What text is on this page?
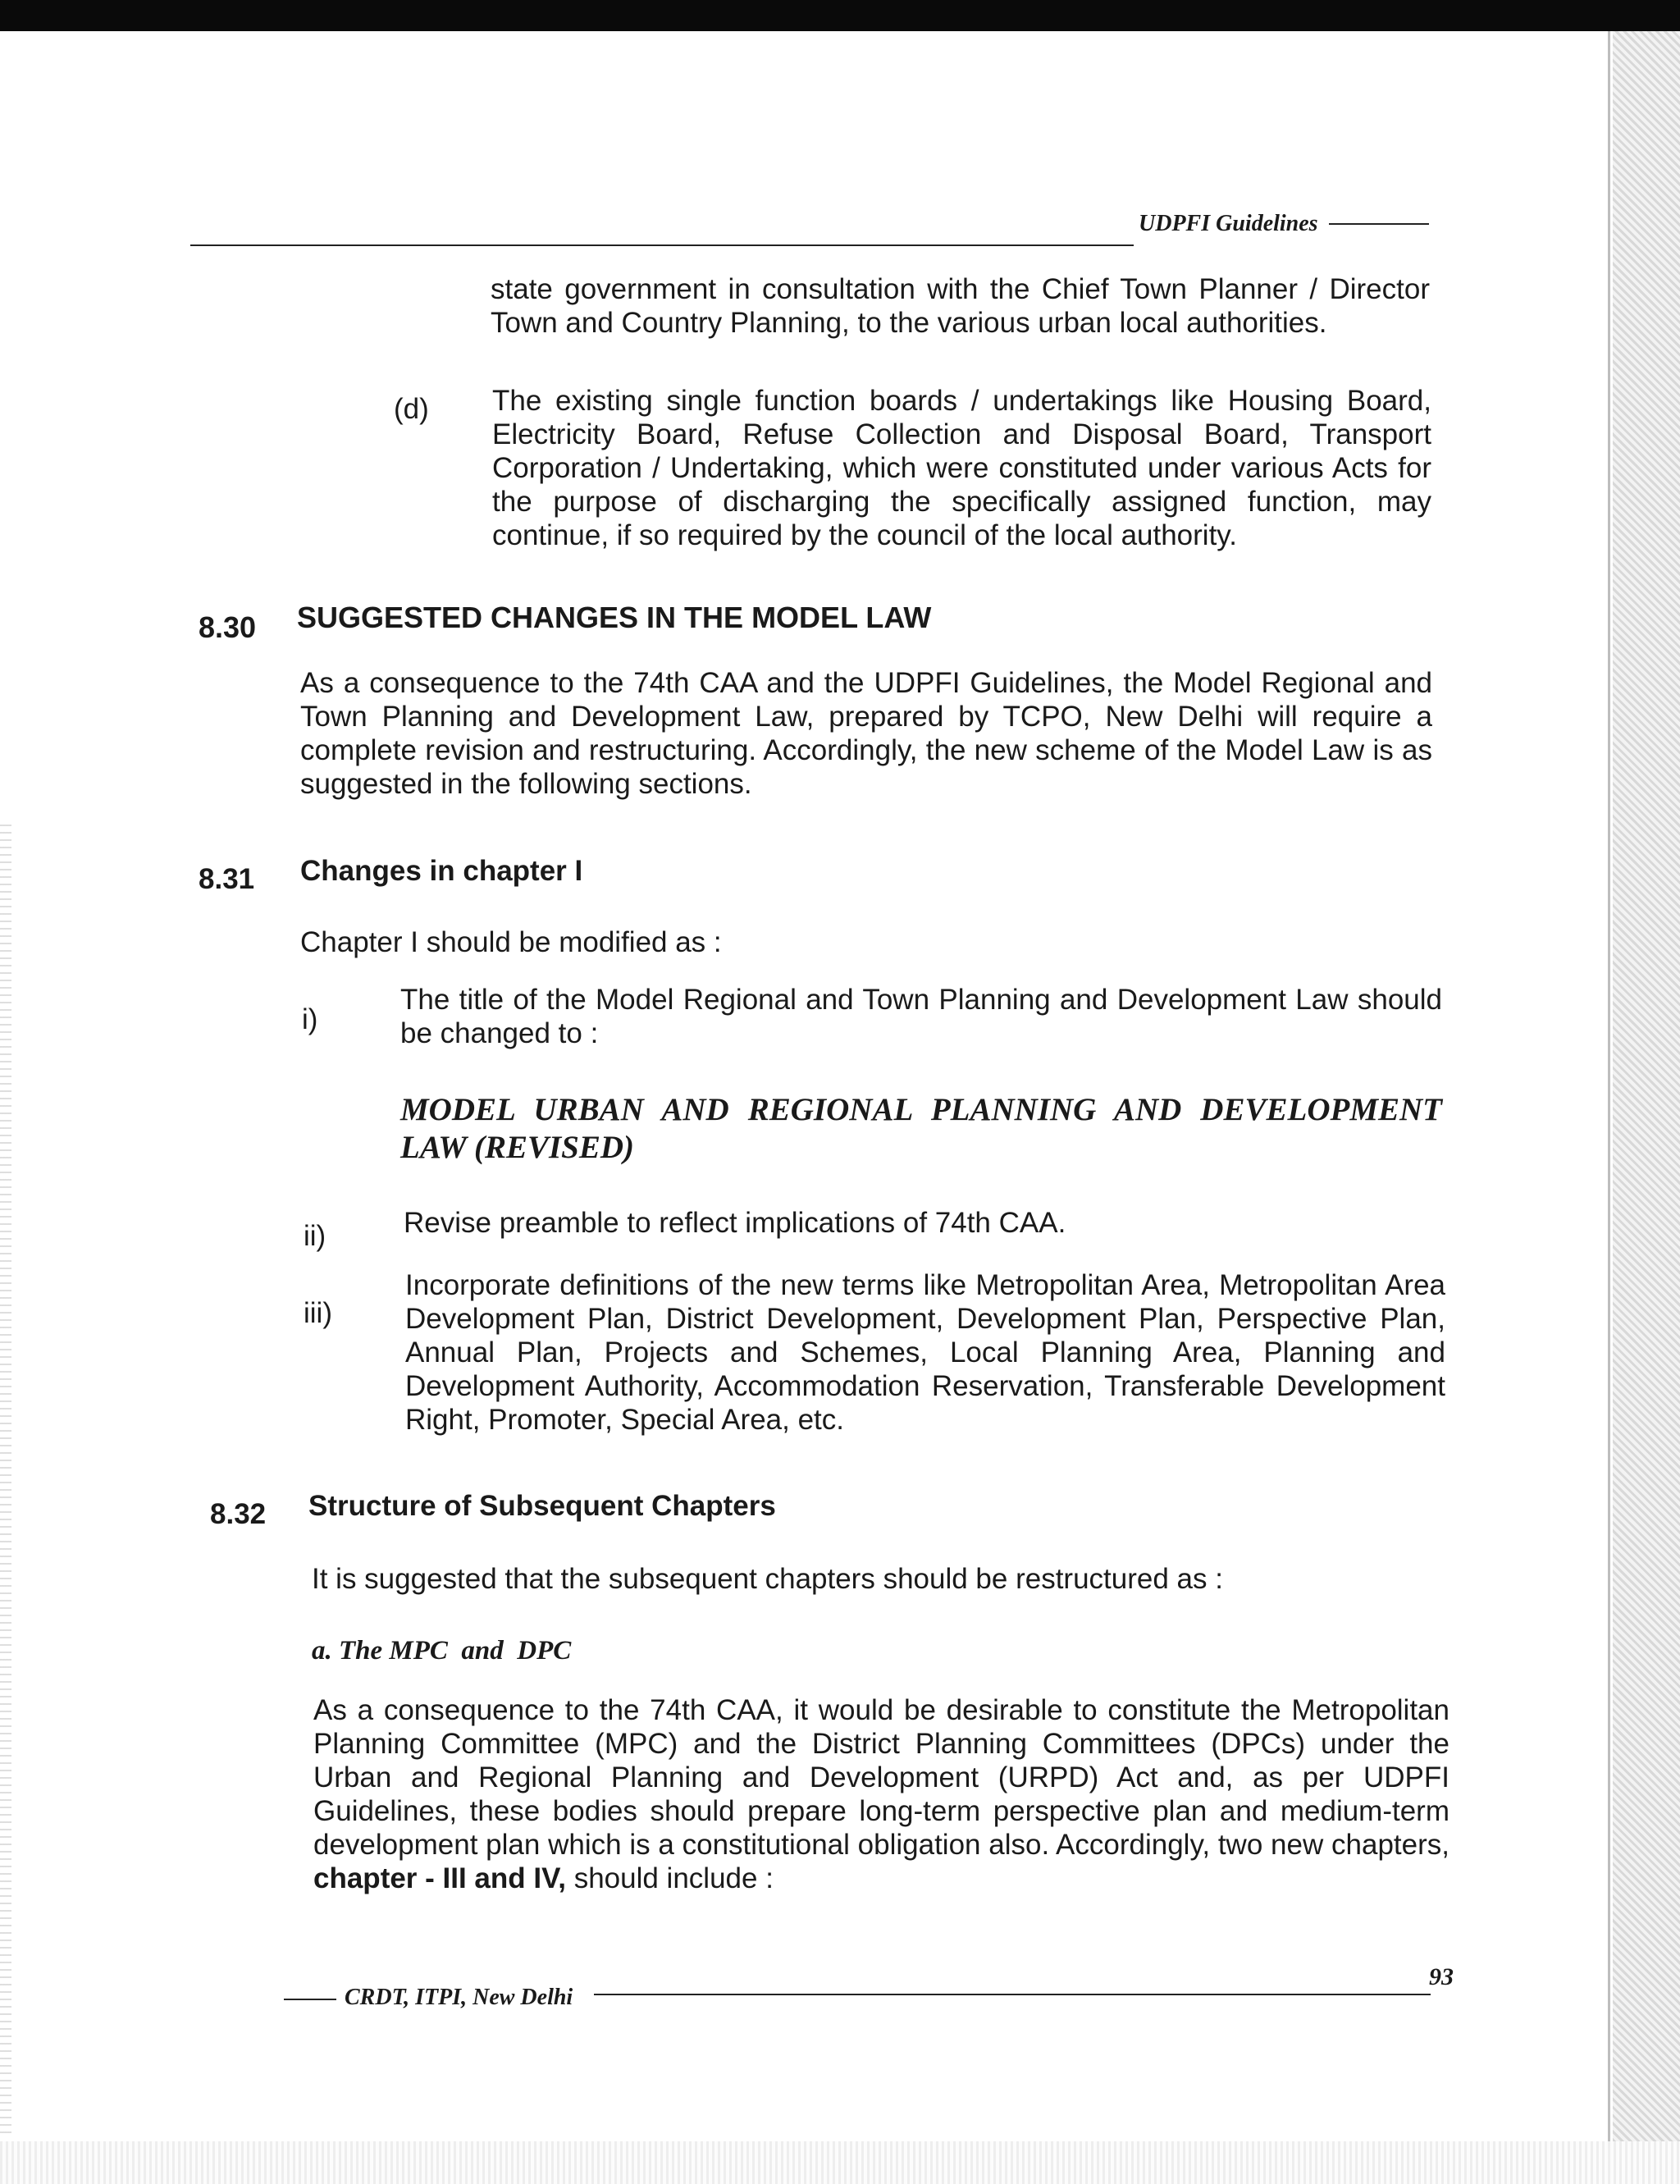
UDPFI Guidelines

state government in consultation with the Chief Town Planner / Director Town and Country Planning, to the various urban local authorities.

(d) The existing single function boards / undertakings like Housing Board, Electricity Board, Refuse Collection and Disposal Board, Transport Corporation / Undertaking, which were constituted under various Acts for the purpose of discharging the specifically assigned function, may continue, if so required by the council of the local authority.

8.30 SUGGESTED CHANGES IN THE MODEL LAW

As a consequence to the 74th CAA and the UDPFI Guidelines, the Model Regional and Town Planning and Development Law, prepared by TCPO, New Delhi will require a complete revision and restructuring. Accordingly, the new scheme of the Model Law is as suggested in the following sections.

8.31 Changes in chapter I
Chapter I should be modified as :
i)

The title of the Model Regional and Town Planning and Development Law should be changed to :

MODEL URBAN AND REGIONAL PLANNING AND DEVELOPMENT LAW (REVISED)
ii)	Revise preamble to reflect implications of 74th CAA.

iii)

Incorporate definitions of the new terms like Metropolitan Area, Metropolitan Area Development Plan, District Development, Development Plan, Perspective Plan, Annual Plan, Projects and Schemes, Local Planning Area, Planning and Development Authority, Accommodation Reservation, Transferable Development Right, Promoter, Special Area, etc.

8.32 Structure of Subsequent Chapters
It is suggested that the subsequent chapters should be restructured as :
a. The MPC  and  DPC

As a consequence to the 74th CAA, it would be desirable to constitute the Metropolitan Planning Committee (MPC) and the District Planning Committees (DPCs) under the Urban and Regional Planning and Development (URPD) Act and, as per UDPFI Guidelines, these bodies should prepare long-term perspective plan and medium-term development plan which is a constitutional obligation also. Accordingly, two new chapters, chapter - III and IV, should include :

CRDT, ITPI, New Delhi
93
